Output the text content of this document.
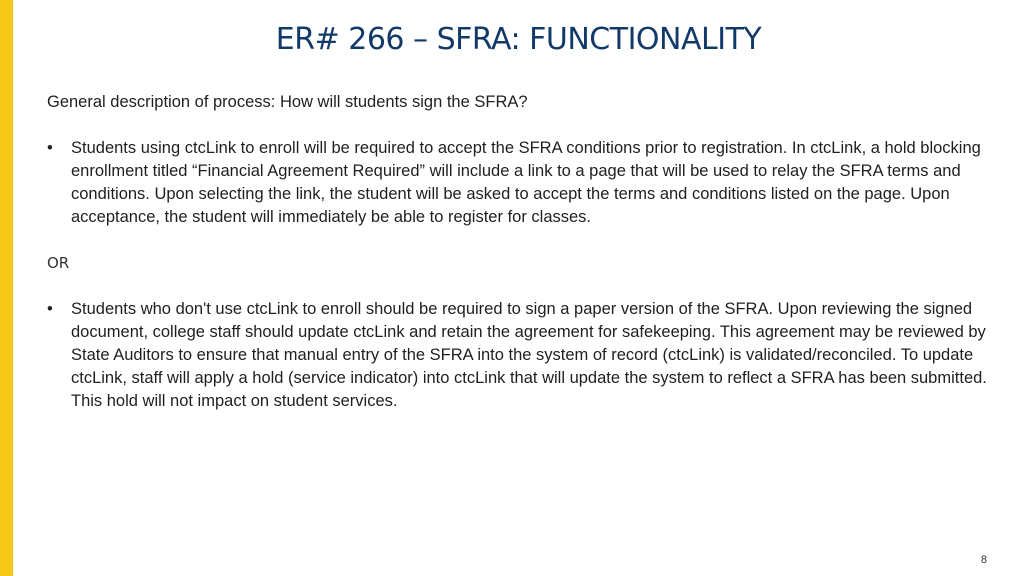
ER# 266 – SFRA: FUNCTIONALITY

General description of process: How will students sign the SFRA?

• Students using ctcLink to enroll will be required to accept the SFRA conditions prior to registration. In ctcLink, a hold blocking enrollment titled “Financial Agreement Required” will include a link to a page that will be used to relay the SFRA terms and conditions. Upon selecting the link, the student will be asked to accept the terms and conditions listed on the page. Upon acceptance, the student will immediately be able to register for classes.

OR

• Students who don't use ctcLink to enroll should be required to sign a paper version of the SFRA. Upon reviewing the signed document, college staff should update ctcLink and retain the agreement for safekeeping. This agreement may be reviewed by State Auditors to ensure that manual entry of the SFRA into the system of record (ctcLink) is validated/reconciled. To update ctcLink, staff will apply a hold (service indicator) into ctcLink that will update the system to reflect a SFRA has been submitted. This hold will not impact on student services.
8
